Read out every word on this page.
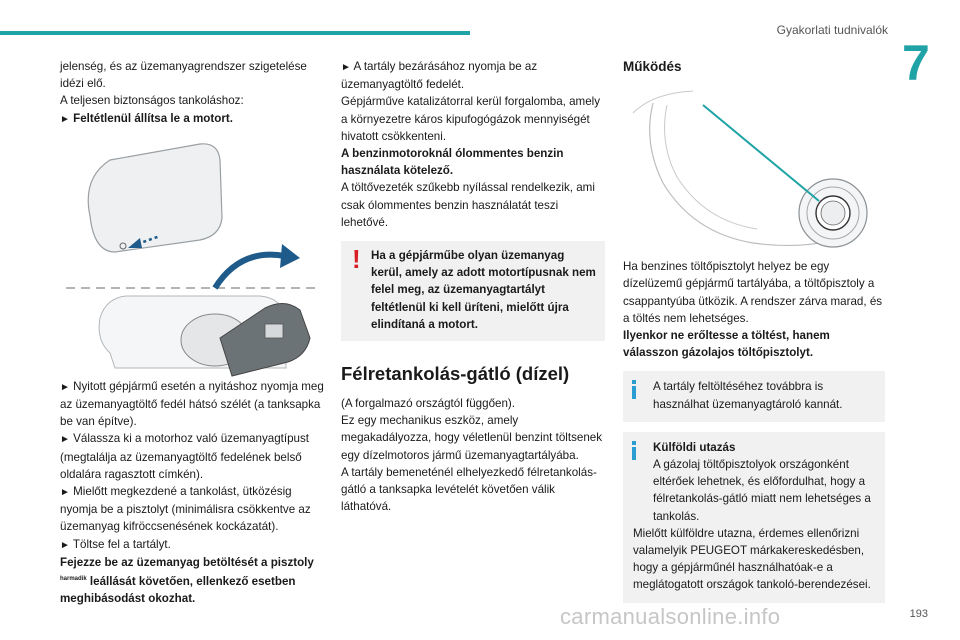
Gyakorlati tudnivalók
7

jelenség, és az üzemanyagrendszer szigetelése idézi elő.

A teljesen biztonságos tankoláshoz:

► Feltétlenül állítsa le a motort.

► Nyitott gépjármű esetén a nyitáshoz nyomja meg az üzemanyagtöltő fedél hátsó szélét (a tanksapka be van építve).

► Válassza ki a motorhoz való üzemanyagtípust (megtalálja az üzemanyagtöltő fedelének belső oldalára ragasztott címkén).

► Mielőtt megkezdené a tankolást, ütközésig nyomja be a pisztolyt (minimálisra csökkentve az üzemanyag kifröccsenésének kockázatát).

► Töltse fel a tartályt.

Fejezze be az üzemanyag betöltését a pisztoly $^{harmadik}$ leállását követően, ellenkező esetben meghibásodást okozhat.

► A tartály bezárásához nyomja be az üzemanyagtöltő fedelét.

Gépjárműve katalizátorral kerül forgalomba, amely a környezetre káros kipufogógázok mennyiségét hivatott csökkenteni.

A benzinmotoroknál ólommentes benzin használata kötelező.

A töltővezeték szűkebb nyílással rendelkezik, ami csak ólommentes benzin használatát teszi lehetővé.

! Ha a gépjárműbe olyan üzemanyag kerül, amely az adott motortípusnak nem felel meg, az üzemanyagtartályt feltétlenül ki kell üríteni, mielőtt újra elindítaná a motort.

Félretankolás-gátló (dízel)

(A forgalmazó országtól függően).

Ez egy mechanikus eszköz, amely megakadályozza, hogy véletlenül benzint töltsenek egy dízelmotoros jármű üzemanyagtartályába.

A tartály bemeneténél elhelyezkedő félretankolás-gátló a tanksapka levételét követően válik láthatóvá.

Működés

Ha benzines töltőpisztolyt helyez be egy dízelüzemű gépjármű tartályába, a töltőpisztoly a csappantyúba ütközik. A rendszer zárva marad, és a töltés nem lehetséges.

Ilyenkor ne erőltesse a töltést, hanem válasszon gázolajos töltőpisztolyt.

A tartály feltöltéséhez továbbra is használhat üzemanyagtároló kannát.

Külföldi utazás

A gázolaj töltőpisztolyok országonként eltérőek lehetnek, és előfordulhat, hogy a félretankolás-gátló miatt nem lehetséges a tankolás.

Mielőtt külföldre utazna, érdemes ellenőrizni valamelyik PEUGEOT márkakereskedésben, hogy a gépjárműnél használhatóak-e a meglátogatott országok tankoló-berendezései.

carmanualsonline.info	193
